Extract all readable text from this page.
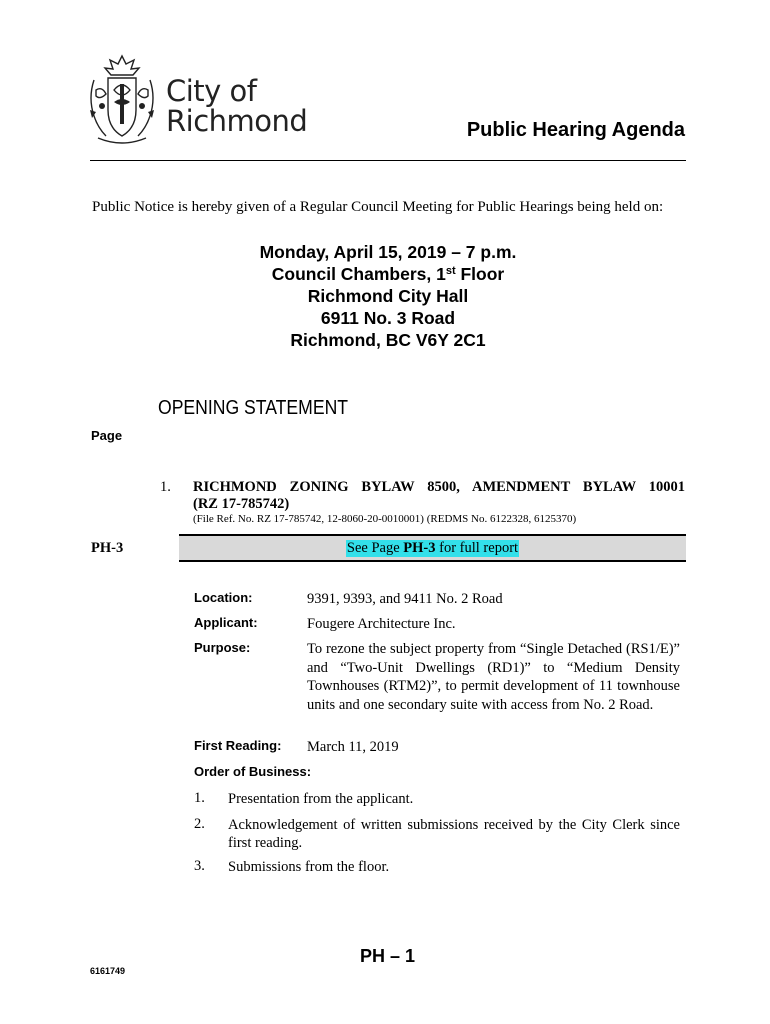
City of
Richmond	Public Hearing Agenda
Public Notice is hereby given of a Regular Council Meeting for Public Hearings being held on:
Monday, April 15, 2019 – 7 p.m.
Council Chambers, 1st Floor
Richmond City Hall
6911 No. 3 Road
Richmond, BC V6Y 2C1
OPENING STATEMENT
Page
1. RICHMOND ZONING BYLAW 8500, AMENDMENT BYLAW 10001
(RZ 17-785742)
(File Ref. No. RZ 17-785742, 12-8060-20-0010001) (REDMS No. 6122328, 6125370)
PH-3	See Page PH-3 for full report
Location:	9391, 9393, and 9411 No. 2 Road
Applicant:	Fougere Architecture Inc.
Purpose:	To rezone the subject property from “Single Detached (RS1/E)” and “Two-Unit Dwellings (RD1)” to “Medium Density Townhouses (RTM2)”, to permit development of 11 townhouse units and one secondary suite with access from No. 2 Road.
First Reading: March 11, 2019
Order of Business:
1. Presentation from the applicant.
2. Acknowledgement of written submissions received by the City Clerk since first reading.
3. Submissions from the floor.
PH – 1
6161749
